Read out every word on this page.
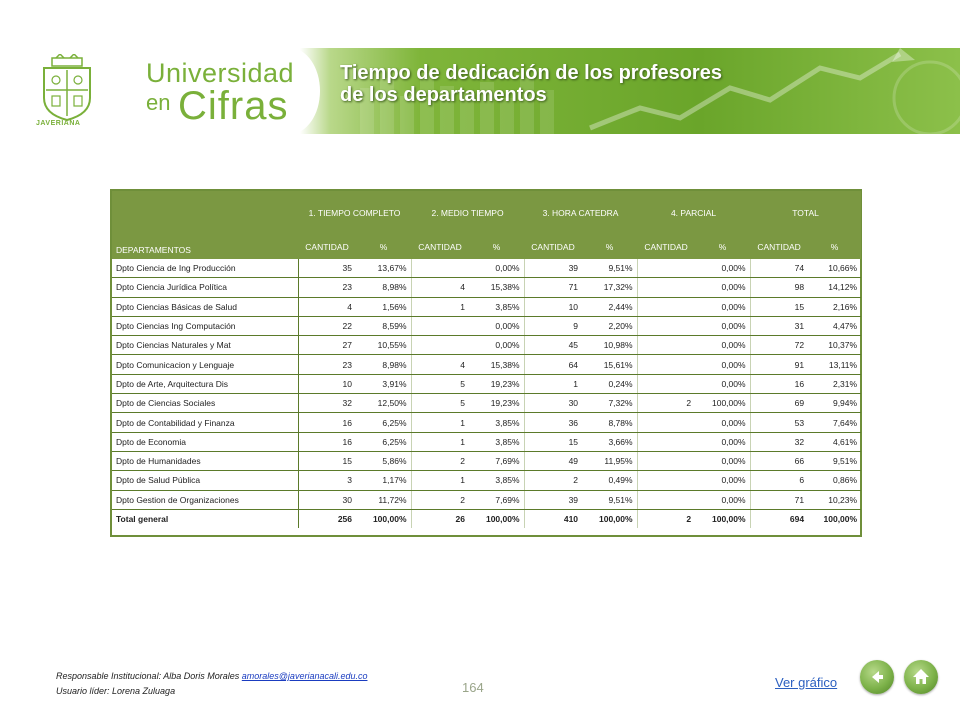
JAVERIANA
Universidad
en Cifras
Tiempo de dedicación de los profesores
de los departamentos
DEPARTAMENTOS	1. TIEMPO COMPLETO		2. MEDIO TIEMPO		3. HORA CATEDRA		4. PARCIAL		TOTAL	
	CANTIDAD	%	CANTIDAD	%	CANTIDAD	%	CANTIDAD	%	CANTIDAD	%
Dpto Ciencia de Ing Producción	35	13,67%		0,00%	39	9,51%		0,00%	74	10,66%
Dpto Ciencia Jurídica Política	23	8,98%	4	15,38%	71	17,32%		0,00%	98	14,12%
Dpto Ciencias Básicas de Salud	4	1,56%	1	3,85%	10	2,44%		0,00%	15	2,16%
Dpto Ciencias Ing Computación	22	8,59%		0,00%	9	2,20%		0,00%	31	4,47%
Dpto Ciencias Naturales y Mat	27	10,55%		0,00%	45	10,98%		0,00%	72	10,37%
Dpto Comunicacion y Lenguaje	23	8,98%	4	15,38%	64	15,61%		0,00%	91	13,11%
Dpto de Arte, Arquitectura Dis	10	3,91%	5	19,23%	1	0,24%		0,00%	16	2,31%
Dpto de Ciencias Sociales	32	12,50%	5	19,23%	30	7,32%	2	100,00%	69	9,94%
Dpto de Contabilidad y Finanza	16	6,25%	1	3,85%	36	8,78%		0,00%	53	7,64%
Dpto de Economia	16	6,25%	1	3,85%	15	3,66%		0,00%	32	4,61%
Dpto de Humanidades	15	5,86%	2	7,69%	49	11,95%		0,00%	66	9,51%
Dpto de Salud Pública	3	1,17%	1	3,85%	2	0,49%		0,00%	6	0,86%
Dpto Gestion de Organizaciones	30	11,72%	2	7,69%	39	9,51%		0,00%	71	10,23%
Total general	256	100,00%	26	100,00%	410	100,00%	2	100,00%	694	100,00%
Responsable Institucional: Alba Doris Morales amorales@javerianacali.edu.co
Usuario líder: Lorena Zuluaga	164	Ver gráfico
